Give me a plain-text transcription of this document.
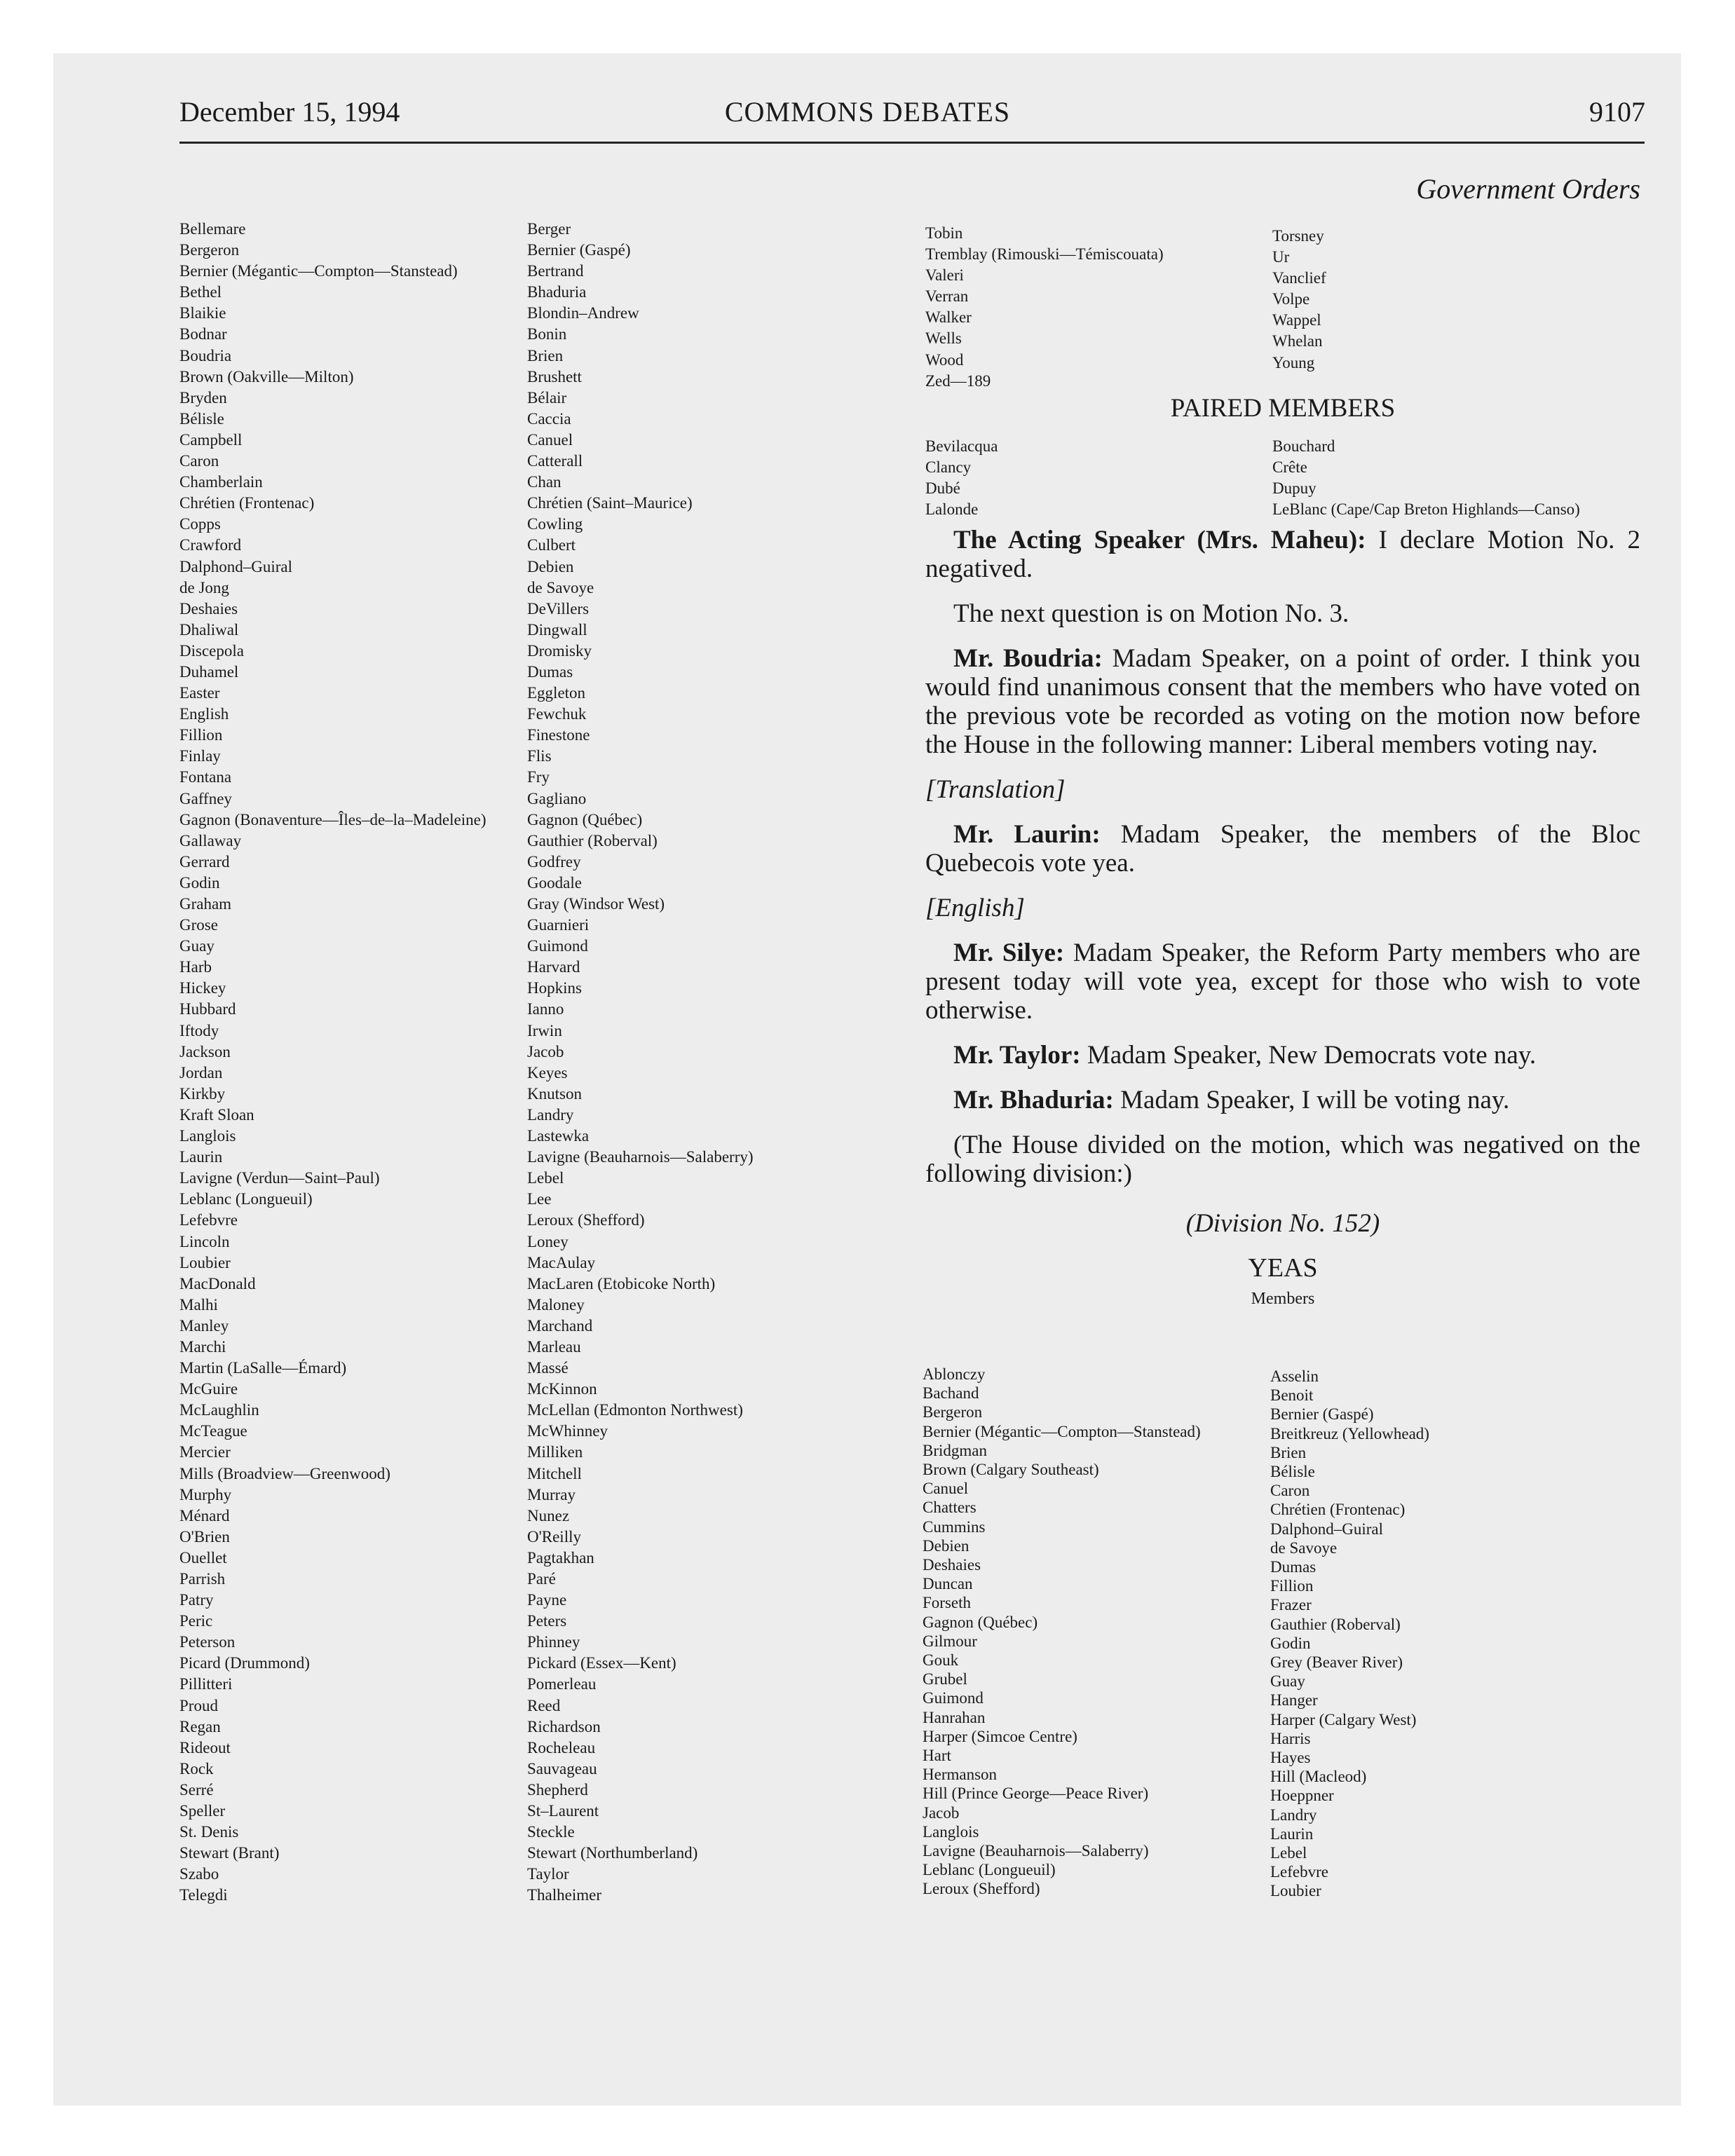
December 15, 1994	COMMONS DEBATES	9107
Government Orders
Bellemare
Bergeron
Bernier (Mégantic—Compton—Stanstead)
Bethel
Blaikie
Bodnar
Boudria
Brown (Oakville—Milton)
Bryden
Bélisle
Campbell
Caron
Chamberlain
Chrétien (Frontenac)
Copps
Crawford
Dalphond–Guiral
de Jong
Deshaies
Dhaliwal
Discepola
Duhamel
Easter
English
Fillion
Finlay
Fontana
Gaffney
Gagnon (Bonaventure—Îles–de–la–Madeleine)
Gallaway
Gerrard
Godin
Graham
Grose
Guay
Harb
Hickey
Hubbard
Iftody
Jackson
Jordan
Kirkby
Kraft Sloan
Langlois
Laurin
Lavigne (Verdun—Saint–Paul)
Leblanc (Longueuil)
Lefebvre
Lincoln
Loubier
MacDonald
Malhi
Manley
Marchi
Martin (LaSalle—Émard)
McGuire
McLaughlin
McTeague
Mercier
Mills (Broadview—Greenwood)
Murphy
Ménard
O'Brien
Ouellet
Parrish
Patry
Peric
Peterson
Picard (Drummond)
Pillitteri
Proud
Regan
Rideout
Rock
Serré
Speller
St. Denis
Stewart (Brant)
Szabo
Telegdi
Berger
Bernier (Gaspé)
Bertrand
Bhaduria
Blondin–Andrew
Bonin
Brien
Brushett
Bélair
Caccia
Canuel
Catterall
Chan
Chrétien (Saint–Maurice)
Cowling
Culbert
Debien
de Savoye
DeVillers
Dingwall
Dromisky
Dumas
Eggleton
Fewchuk
Finestone
Flis
Fry
Gagliano
Gagnon (Québec)
Gauthier (Roberval)
Godfrey
Goodale
Gray (Windsor West)
Guarnieri
Guimond
Harvard
Hopkins
Ianno
Irwin
Jacob
Keyes
Knutson
Landry
Lastewka
Lavigne (Beauharnois—Salaberry)
Lebel
Lee
Leroux (Shefford)
Loney
MacAulay
MacLaren (Etobicoke North)
Maloney
Marchand
Marleau
Massé
McKinnon
McLellan (Edmonton Northwest)
McWhinney
Milliken
Mitchell
Murray
Nunez
O'Reilly
Pagtakhan
Paré
Payne
Peters
Phinney
Pickard (Essex—Kent)
Pomerleau
Reed
Richardson
Rocheleau
Sauvageau
Shepherd
St–Laurent
Steckle
Stewart (Northumberland)
Taylor
Thalheimer
Tobin
Tremblay (Rimouski—Témiscouata)
Valeri
Verran
Walker
Wells
Wood
Zed—189
Torsney
Ur
Vanclief
Volpe
Wappel
Whelan
Young
PAIRED MEMBERS
Bevilacqua
Clancy
Dubé
Lalonde
Bouchard
Crête
Dupuy
LeBlanc (Cape/Cap Breton Highlands—Canso)

The Acting Speaker (Mrs. Maheu): I declare Motion No. 2 negatived.

The next question is on Motion No. 3.

Mr. Boudria: Madam Speaker, on a point of order. I think you would find unanimous consent that the members who have voted on the previous vote be recorded as voting on the motion now before the House in the following manner: Liberal members voting nay.

[Translation]

Mr. Laurin: Madam Speaker, the members of the Bloc Quebecois vote yea.

[English]

Mr. Silye: Madam Speaker, the Reform Party members who are present today will vote yea, except for those who wish to vote otherwise.

Mr. Taylor: Madam Speaker, New Democrats vote nay.

Mr. Bhaduria: Madam Speaker, I will be voting nay.

(The House divided on the motion, which was negatived on the following division:)

(Division No. 152)

YEAS

Members

Ablonczy
Bachand
Bergeron
Bernier (Mégantic—Compton—Stanstead)
Bridgman
Brown (Calgary Southeast)
Canuel
Chatters
Cummins
Debien
Deshaies
Duncan
Forseth
Gagnon (Québec)
Gilmour
Gouk
Grubel
Guimond
Hanrahan
Harper (Simcoe Centre)
Hart
Hermanson
Hill (Prince George—Peace River)
Jacob
Langlois
Lavigne (Beauharnois—Salaberry)
Leblanc (Longueuil)
Leroux (Shefford)
Asselin
Benoit
Bernier (Gaspé)
Breitkreuz (Yellowhead)
Brien
Bélisle
Caron
Chrétien (Frontenac)
Dalphond–Guiral
de Savoye
Dumas
Fillion
Frazer
Gauthier (Roberval)
Godin
Grey (Beaver River)
Guay
Hanger
Harper (Calgary West)
Harris
Hayes
Hill (Macleod)
Hoeppner
Landry
Laurin
Lebel
Lefebvre
Loubier
